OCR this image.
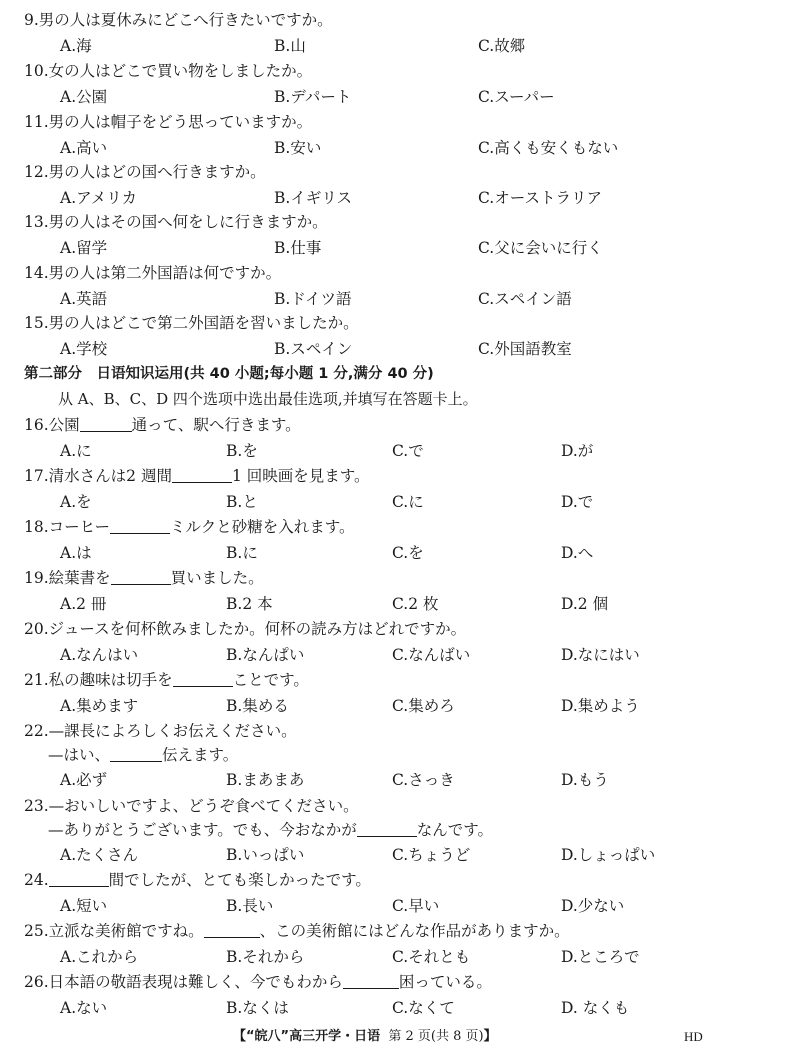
9.男の人は夏休みにどこへ行きたいですか。
A.海	B.山	C.故郷
10.女の人はどこで買い物をしましたか。
A.公園	B.デパート	C.スーパー
11.男の人は帽子をどう思っていますか。
A.高い	B.安い	C.高くも安くもない
12.男の人はどの国へ行きますか。
A.アメリカ	B.イギリス	C.オーストラリア
13.男の人はその国へ何をしに行きますか。
A.留学	B.仕事	C.父に会いに行く
14.男の人は第二外国語は何ですか。
A.英語	B.ドイツ語	C.スペイン語
15.男の人はどこで第二外国語を習いましたか。
A.学校	B.スペイン	C.外国語教室
第二部分　日语知识运用(共 40 小题;每小题 1 分,满分 40 分)
从 A、B、C、D 四个选项中选出最佳选项,并填写在答题卡上。
16.公園	通って、駅へ行きます。
A.に	B.を	C.で	D.が
17.清水さんは2 週間	1 回映画を見ます。
A.を	B.と	C.に	D.で
18.コーヒー	ミルクと砂糖を入れます。
A.は	B.に	C.を	D.へ
19.絵葉書を	買いました。
A.2 冊	B.2 本	C.2 枚	D.2 個
20.ジュースを何杯飲みましたか。何杯の読み方はどれですか。
A.なんはい	B.なんぱい	C.なんばい	D.なにはい
21.私の趣味は切手を	ことです。
A.集めます	B.集める	C.集めろ	D.集めよう
22.—課長によろしくお伝えください。
—はい、	伝えます。
A.必ず	B.まあまあ	C.さっき	D.もう
23.—おいしいですよ、どうぞ食べてください。
—ありがとうございます。でも、今おなかが	なんです。
A.たくさん	B.いっぱい	C.ちょうど	D.しょっぱい
24.	間でしたが、とても楽しかったです。
A.短い	B.長い	C.早い	D.少ない
25.立派な美術館ですね。	、この美術館にはどんな作品がありますか。
A.これから	B.それから	C.それとも	D.ところで
26.日本語の敬語表現は難しく、今でもわから	困っている。
A.ない	B.なくは	C.なくて	D. なくも
【“皖八”高三开学・日语 第 2 页(共 8 页)】	HD
